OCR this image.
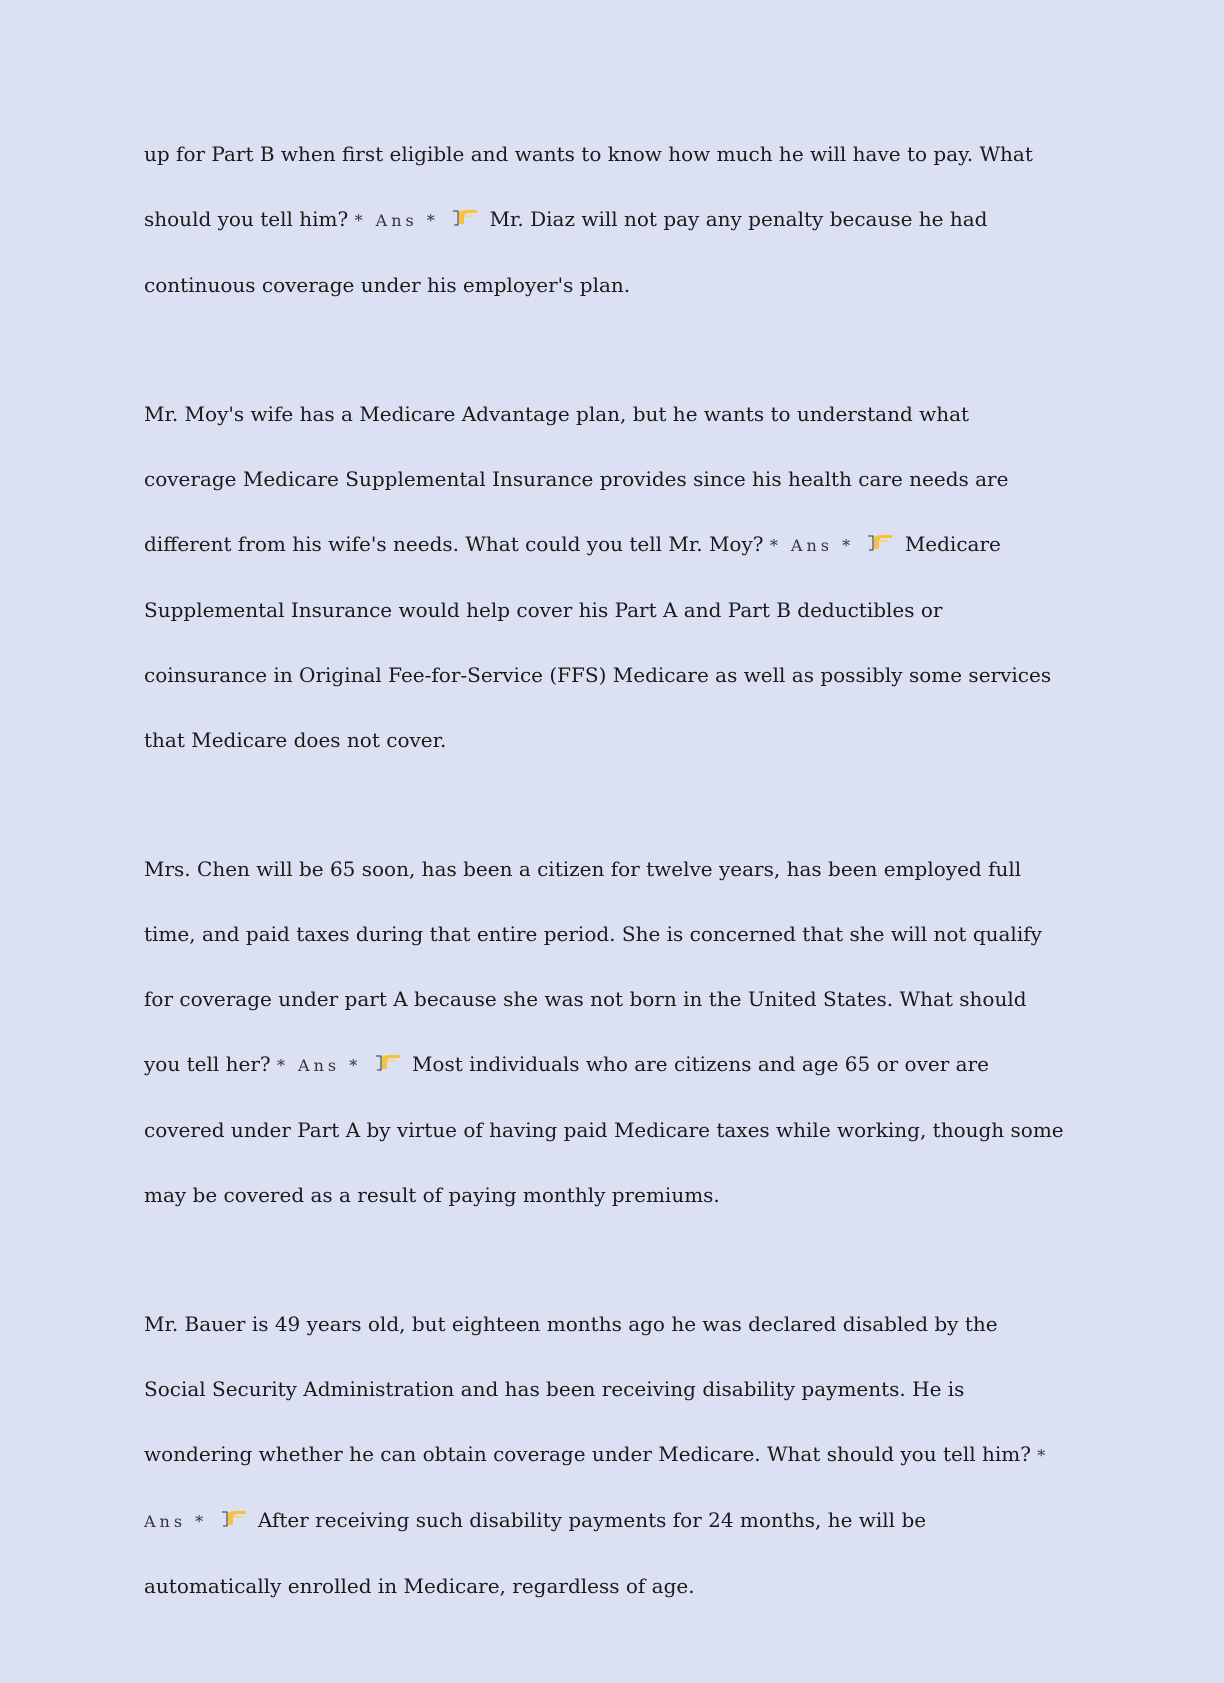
up for Part B when first eligible and wants to know how much he will have to pay. What should you tell him? * Ans *	Mr. Diaz will not pay any penalty because he had continuous coverage under his employer's plan.

Mr. Moy's wife has a Medicare Advantage plan, but he wants to understand what coverage Medicare Supplemental Insurance provides since his health care needs are different from his wife's needs. What could you tell Mr. Moy? * Ans *	Medicare Supplemental Insurance would help cover his Part A and Part B deductibles or coinsurance in Original Fee-for-Service (FFS) Medicare as well as possibly some services that Medicare does not cover.

Mrs. Chen will be 65 soon, has been a citizen for twelve years, has been employed full time, and paid taxes during that entire period. She is concerned that she will not qualify for coverage under part A because she was not born in the United States. What should you tell her? * Ans *	Most individuals who are citizens and age 65 or over are covered under Part A by virtue of having paid Medicare taxes while working, though some may be covered as a result of paying monthly premiums.

Mr. Bauer is 49 years old, but eighteen months ago he was declared disabled by the Social Security Administration and has been receiving disability payments. He is wondering whether he can obtain coverage under Medicare. What should you tell him? * Ans *	After receiving such disability payments for 24 months, he will be automatically enrolled in Medicare, regardless of age.
